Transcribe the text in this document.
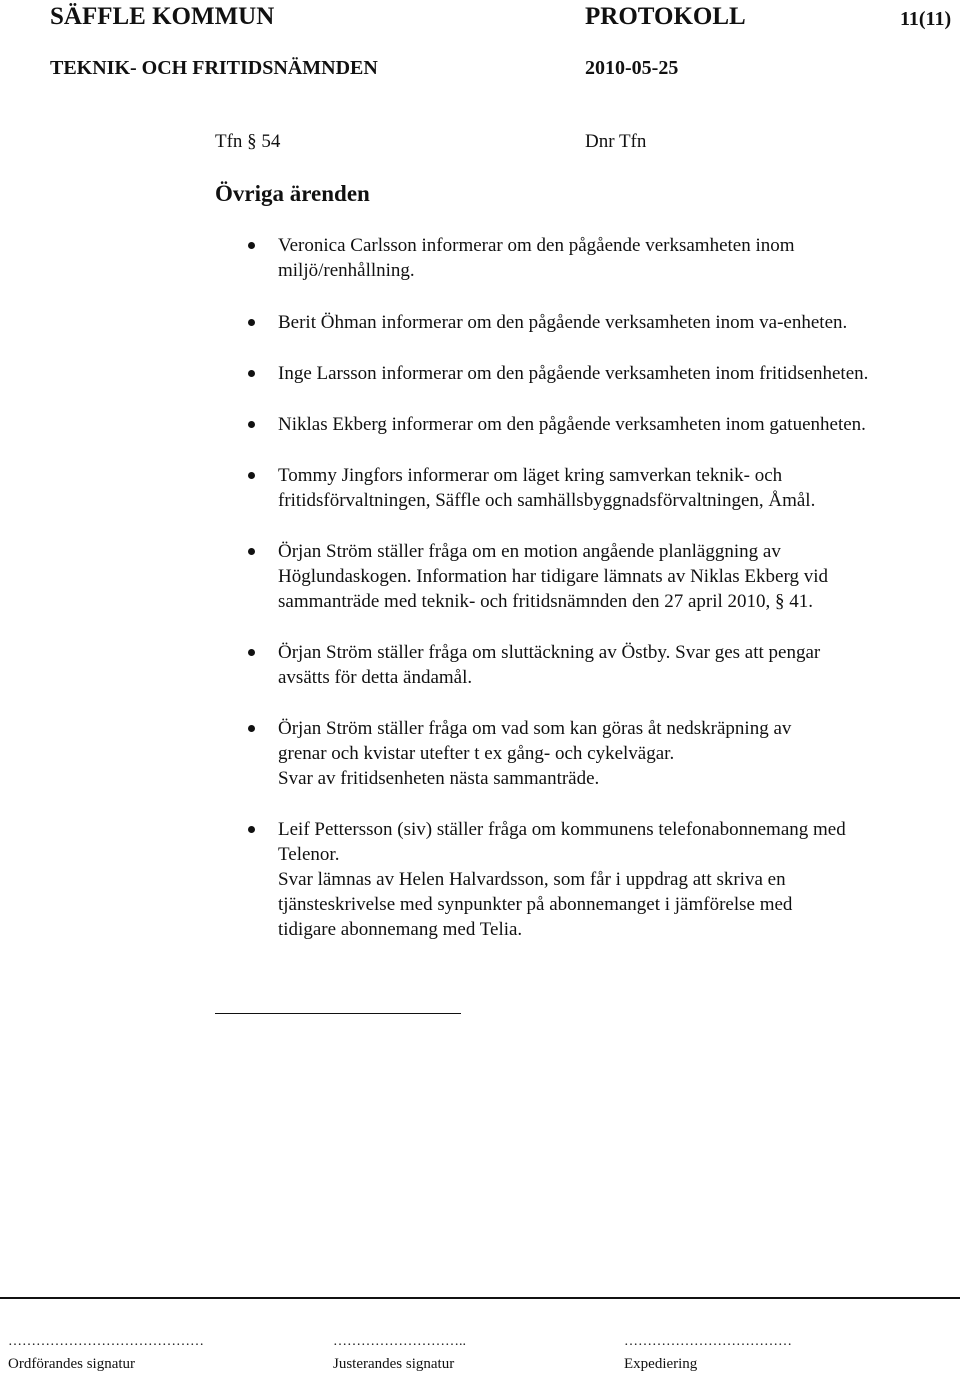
SÄFFLE KOMMUN	PROTOKOLL	11(11)
TEKNIK- OCH FRITIDSNÄMNDEN	2010-05-25
Tfn § 54	Dnr Tfn
Övriga ärenden
Veronica Carlsson informerar om den pågående verksamheten inom
miljö/renhållning.
Berit Öhman informerar om den pågående verksamheten inom va-enheten.
Inge Larsson informerar om den pågående verksamheten inom fritidsenheten.
Niklas Ekberg informerar om den pågående verksamheten inom gatuenheten.
Tommy Jingfors informerar om läget kring samverkan teknik- och
fritidsförvaltningen, Säffle och samhällsbyggnadsförvaltningen, Åmål.
Örjan Ström ställer fråga om en motion angående planläggning av
Höglundaskogen. Information har tidigare lämnats av Niklas Ekberg vid
sammanträde med teknik- och fritidsnämnden den 27 april 2010, § 41.
Örjan Ström ställer fråga om sluttäckning av Östby. Svar ges att pengar
avsätts för detta ändamål.
Örjan Ström ställer fråga om vad som kan göras åt nedskräpning av
grenar och kvistar utefter t ex gång- och cykelvägar.
Svar av fritidsenheten nästa sammanträde.
Leif Pettersson (siv) ställer fråga om kommunens telefonabonnemang med
Telenor.
Svar lämnas av Helen Halvardsson, som får i uppdrag att skriva en
tjänsteskrivelse med synpunkter på abonnemanget i jämförelse med
tidigare abonnemang med Telia.
……………………………………
Ordförandes signatur
………………………..
Justerandes signatur
………………………………
Expediering
